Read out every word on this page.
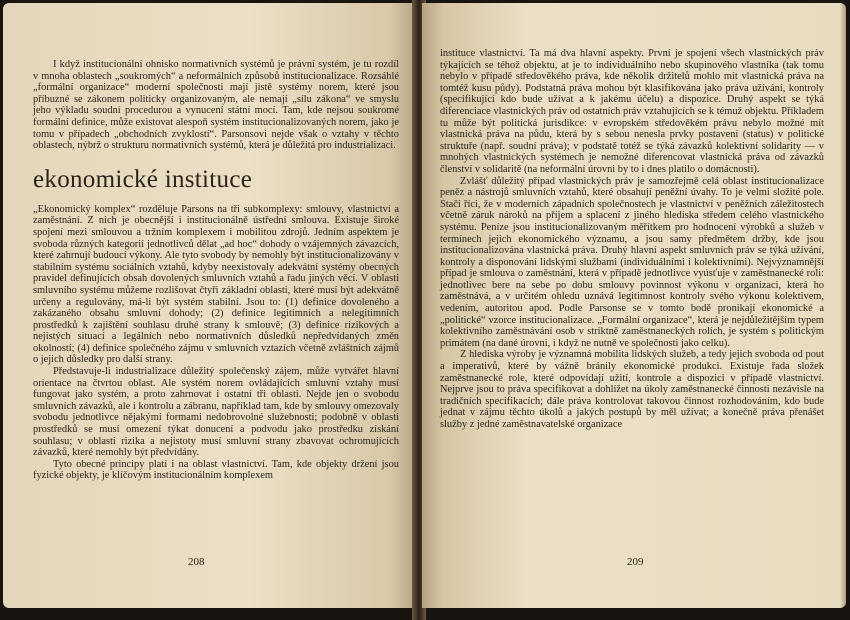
I když institucionální ohnisko normativních systémů je právní systém, je tu rozdíl v mnoha oblastech „soukromých“ a neformálních způsobů institucionalizace. Rozsáhlé „formální organizace“ moderní společnosti mají jistě systémy norem, které jsou příbuzné se zákonem politicky organizovaným, ale nemají „sílu zákona“ ve smyslu jeho výkladu soudní procedurou a vynucení státní mocí. Tam, kde nejsou soukromé formální definice, může existovat alespoň systém institucionalizovaných norem, jako je tomu v případech „obchodních zvyklostí“. Parsonsovi nejde však o vztahy v těchto oblastech, nýbrž o strukturu normativních systémů, která je důležitá pro industrializaci.

ekonomické instituce

„Ekonomický komplex“ rozděluje Parsons na tři subkomplexy: smlouvy, vlastnictví a zaměstnání. Z nich je obecnější i institucionálně ústřední smlouva. Existuje široké spojení mezi smlouvou a tržním komplexem i mobilitou zdrojů. Jedním aspektem je svoboda různých kategorií jednotlivců dělat „ad hoc“ dohody o vzájemných závazcích, které zahrnují budoucí výkony. Ale tyto svobody by nemohly být institucionalizovány v stabilním systému sociálních vztahů, kdyby neexistovaly adekvátní systémy obecných pravidel definujících obsah dovolených smluvních vztahů a řadu jiných věcí. V oblasti smluvního systému můžeme rozlišovat čtyři základní oblasti, které musí být adekvátně určeny a regulovány, má-li být systém stabilní. Jsou to: (1) definice dovoleného a zakázaného obsahu smluvní dohody; (2) definice legitimních a nelegitimních prostředků k zajištění souhlasu druhé strany k smlouvě; (3) definice rizikových a nejistých situací a legálních nebo normativních důsledků nepředvídaných změn okolností; (4) definice společného zájmu v smluvních vztazích včetně zvláštních zájmů o jejich důsledky pro další strany.

Představuje-li industrializace důležitý společenský zájem, může vytvářet hlavní orientace na čtvrtou oblast. Ale systém norem ovládajících smluvní vztahy musí fungovat jako systém, a proto zahrnovat i ostatní tři oblasti. Nejde jen o svobodu smluvních závazků, ale i kontrolu a zábranu, například tam, kde by smlouvy omezovaly svobodu jednotlivce nějakými formami nedobrovolné služebnosti; podobně v oblasti prostředků se musí omezení týkat donucení a podvodu jako prostředku získání souhlasu; v oblasti rizika a nejistoty musí smluvní strany zbavovat ochromujících závazků, které nemohly být předvídány.

Tyto obecné principy platí i na oblast vlastnictví. Tam, kde objekty držení jsou fyzické objekty, je klíčovým institucionálním komplexem

208

instituce vlastnictví. Ta má dva hlavní aspekty. První je spojení všech vlastnických práv týkajících se téhož objektu, at je to individuálního nebo skupinového vlastníka (tak tomu nebylo v případě středověkého práva, kde několik držitelů mohlo mít vlastnická práva na tomtéž kusu půdy). Podstatná práva mohou být klasifikována jako práva užívání, kontroly (specifikující kdo bude užívat a k jakému účelu) a dispozice. Druhý aspekt se týká diferenciace vlastnických práv od ostatních práv vztahujících se k témuž objektu. Příkladem tu může být politická jurisdikce: v evropském středověkém právu nebylo možné mít vlastnická práva na půdu, která by s sebou nenesla prvky postavení (status) v politické struktuře (např. soudní práva); v podstatě totéž se týká závazků kolektivní solidarity — v mnohých vlastnických systémech je nemožné diferencovat vlastnická práva od závazků členství v solidaritě (na neformální úrovni by to i dnes platilo o domácnosti).

Zvlášť důležitý případ vlastnických práv je samozřejmě celá oblast institucionalizace peněz a nástrojů smluvních vztahů, které obsahují peněžní úvahy. To je velmi složité pole. Stačí říci, že v moderních západních společnostech je vlastnictví v peněžních záležitostech včetně záruk nároků na příjem a splacení z jiného hlediska středem celého vlastnického systému. Peníze jsou institucionalizovaným měřítkem pro hodnocení výrobků a služeb v termínech jejich ekonomického významu, a jsou samy předmětem držby, kde jsou institucionalizována vlastnická práva. Druhý hlavní aspekt smluvních práv se týká užívání, kontroly a disponování lidskými službami (individuálními i kolektivními). Nejvýznamnější případ je smlouva o zaměstnání, která v případě jednotlivce vyúsťuje v zaměstnanecké roli: jednotlivec bere na sebe po dobu smlouvy povinnost výkonu v organizaci, která ho zaměstnává, a v určitém ohledu uznává legitimnost kontroly svého výkonu kolektivem, vedením, autoritou apod. Podle Parsonse se v tomto bodě pronikají ekonomické a „politické“ vzorce institucionalizace. „Formální organizace“, která je nejdůležitějším typem kolektivního zaměstnávání osob v striktně zaměstnaneckých rolích, je systém s politickým primátem (na dané úrovni, i když ne nutně ve společnosti jako celku).

Z hlediska výroby je významná mobilita lidských služeb, a tedy jejich svoboda od pout a imperativů, které by vážně bránily ekonomické produkci. Existuje řada složek zaměstnanecké role, které odpovídají užití, kontrole a dispozici v případě vlastnictví. Nejprve jsou to práva specifikovat a dohlížet na úkoly zaměstnanecké činnosti nezávisle na tradičních specifikacích; dále práva kontrolovat takovou činnost rozhodováním, kdo bude jednat v zájmu těchto úkolů a jakých postupů by měl užívat; a konečně práva přenášet služby z jedné zaměstnavatelské organizace

209
